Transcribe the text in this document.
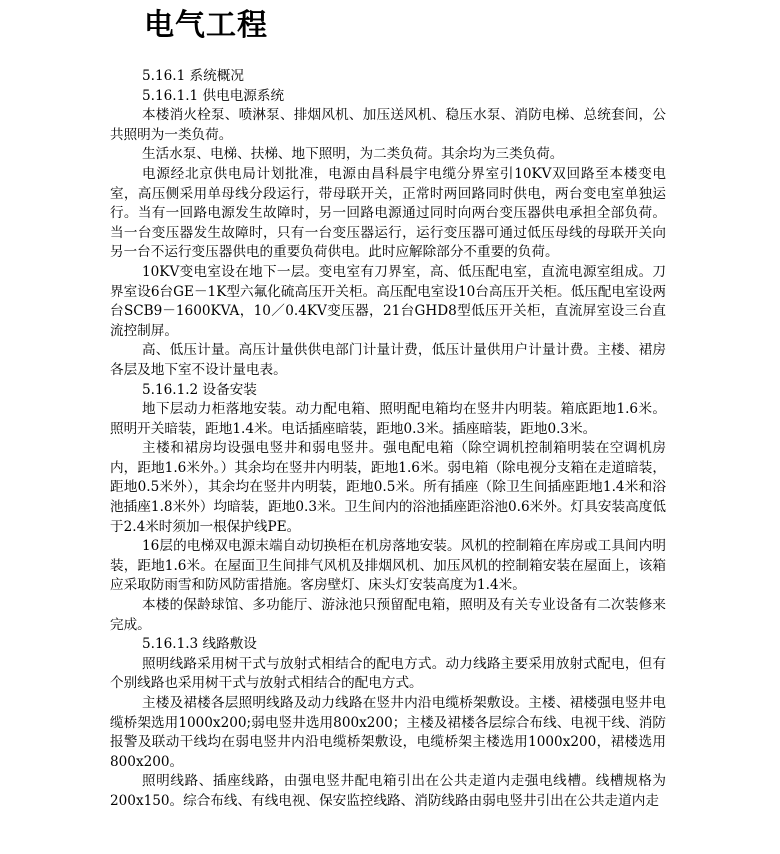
电气工程

5.16.1 系统概况

5.16.1.1 供电电源系统

本楼消火栓泵、喷淋泵、排烟风机、加压送风机、稳压水泵、消防电梯、总统套间，公共照明为一类负荷。

生活水泵、电梯、扶梯、地下照明，为二类负荷。其余均为三类负荷。

电源经北京供电局计划批准，电源由昌科晨宇电缆分界室引10KV双回路至本楼变电室，高压侧采用单母线分段运行，带母联开关，正常时两回路同时供电，两台变电室单独运行。当有一回路电源发生故障时，另一回路电源通过同时向两台变压器供电承担全部负荷。当一台变压器发生故障时，只有一台变压器运行，运行变压器可通过低压母线的母联开关向另一台不运行变压器供电的重要负荷供电。此时应解除部分不重要的负荷。

10KV变电室设在地下一层。变电室有刀界室，高、低压配电室，直流电源室组成。刀界室设6台GE－1K型六氟化硫高压开关柜。高压配电室设10台高压开关柜。低压配电室设两台SCB9－1600KVA，10／0.4KV变压器，21台GHD8型低压开关柜，直流屏室设三台直流控制屏。

高、低压计量。高压计量供供电部门计量计费，低压计量供用户计量计费。主楼、裙房各层及地下室不设计量电表。

5.16.1.2 设备安装

地下层动力柜落地安装。动力配电箱、照明配电箱均在竖井内明装。箱底距地1.6米。照明开关暗装，距地1.4米。电话插座暗装，距地0.3米。插座暗装，距地0.3米。

主楼和裙房均设强电竖井和弱电竖井。强电配电箱（除空调机控制箱明装在空调机房内，距地1.6米外。）其余均在竖井内明装，距地1.6米。弱电箱（除电视分支箱在走道暗装，距地0.5米外），其余均在竖井内明装，距地0.5米。所有插座（除卫生间插座距地1.4米和浴池插座1.8米外）均暗装，距地0.3米。卫生间内的浴池插座距浴池0.6米外。灯具安装高度低于2.4米时须加一根保护线PE。

16层的电梯双电源末端自动切换柜在机房落地安装。风机的控制箱在库房或工具间内明装，距地1.6米。在屋面卫生间排气风机及排烟风机、加压风机的控制箱安装在屋面上，该箱应采取防雨雪和防风防雷措施。客房壁灯、床头灯安装高度为1.4米。

本楼的保龄球馆、多功能厅、游泳池只预留配电箱，照明及有关专业设备有二次装修来完成。

5.16.1.3 线路敷设

照明线路采用树干式与放射式相结合的配电方式。动力线路主要采用放射式配电，但有个别线路也采用树干式与放射式相结合的配电方式。

主楼及裙楼各层照明线路及动力线路在竖井内沿电缆桥架敷设。主楼、裙楼强电竖井电缆桥架选用1000x200;弱电竖井选用800x200；主楼及裙楼各层综合布线、电视干线、消防报警及联动干线均在弱电竖井内沿电缆桥架敷设，电缆桥架主楼选用1000x200，裙楼选用800x200。

照明线路、插座线路，由强电竖井配电箱引出在公共走道内走强电线槽。线槽规格为200x150。综合布线、有线电视、保安监控线路、消防线路由弱电竖井引出在公共走道内走
